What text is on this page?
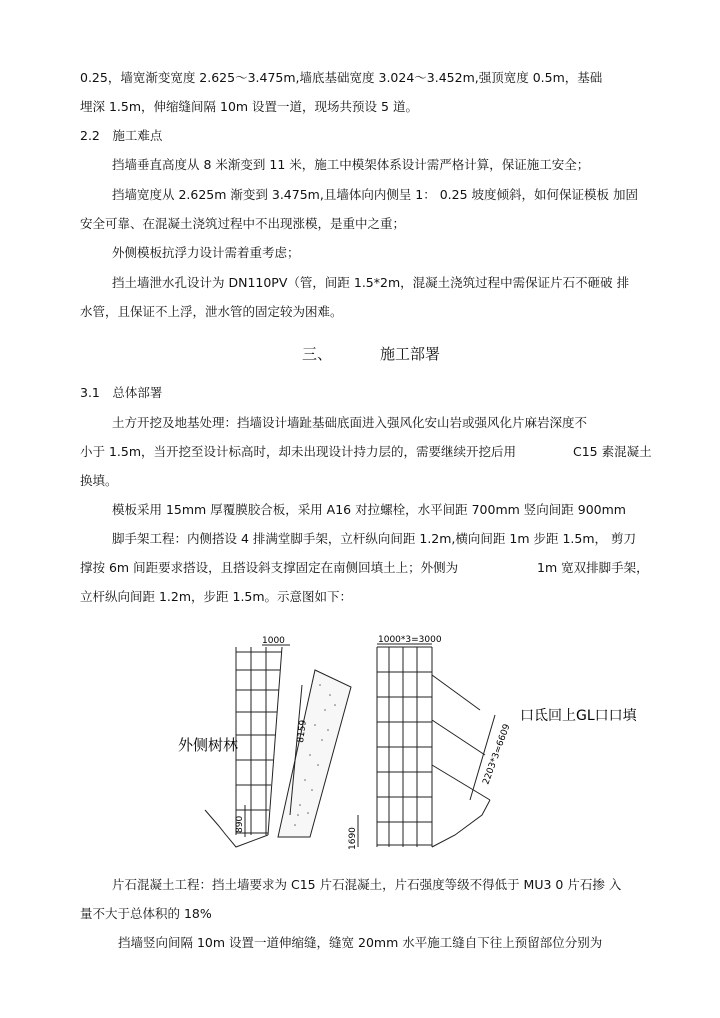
0.25，墙宽渐变宽度 2.625～3.475m,墙底基础宽度 3.024～3.452m,强顶宽度 0.5m，基础
埋深 1.5m，伸缩缝间隔 10m 设置一道，现场共预设 5 道。
2.2　施工难点
挡墙垂直高度从 8 米渐变到 11 米，施工中模架体系设计需严格计算，保证施工安全；
挡墙宽度从 2.625m 渐变到 3.475m,且墙体向内侧呈 1： 0.25 坡度倾斜，如何保证模板 加固
安全可靠、在混凝土浇筑过程中不出现涨模，是重中之重；
外侧模板抗浮力设计需着重考虑；
挡土墙泄水孔设计为 DN110PV（管，间距 1.5*2m，混凝土浇筑过程中需保证片石不砸破 排
水管，且保证不上浮，泄水管的固定较为困难。
三、	施工部署
3.1　总体部署
土方开挖及地基处理：挡墙设计墙趾基础底面进入强风化安山岩或强风化片麻岩深度不
小于 1.5m，当开挖至设计标高时，却未出现设计持力层的，需要继续开挖后用	C15 素混凝土
换填。
模板采用 15mm 厚覆膜胶合板，采用 A16 对拉螺栓，水平间距 700mm 竖向间距 900mm
脚手架工程：内侧搭设 4 排满堂脚手架，立杆纵向间距 1.2m,横向间距 1m 步距 1.5m， 剪刀
撑按 6m 间距要求搭设，且搭设斜支撑固定在南侧回填土上；外侧为	1m 宽双排脚手架，
立杆纵向间距 1.2m，步距 1.5m。示意图如下：
1000
8159
1000*3=3000
2203*3=6609
外侧树林
口氐回上GL口口填
890
1690
片石混凝土工程：挡土墙要求为 C15 片石混凝土，片石强度等级不得低于 MU3 0 片石掺 入
量不大于总体积的 18%
挡墙竖向间隔 10m 设置一道伸缩缝，缝宽 20mm 水平施工缝自下往上预留部位分别为
